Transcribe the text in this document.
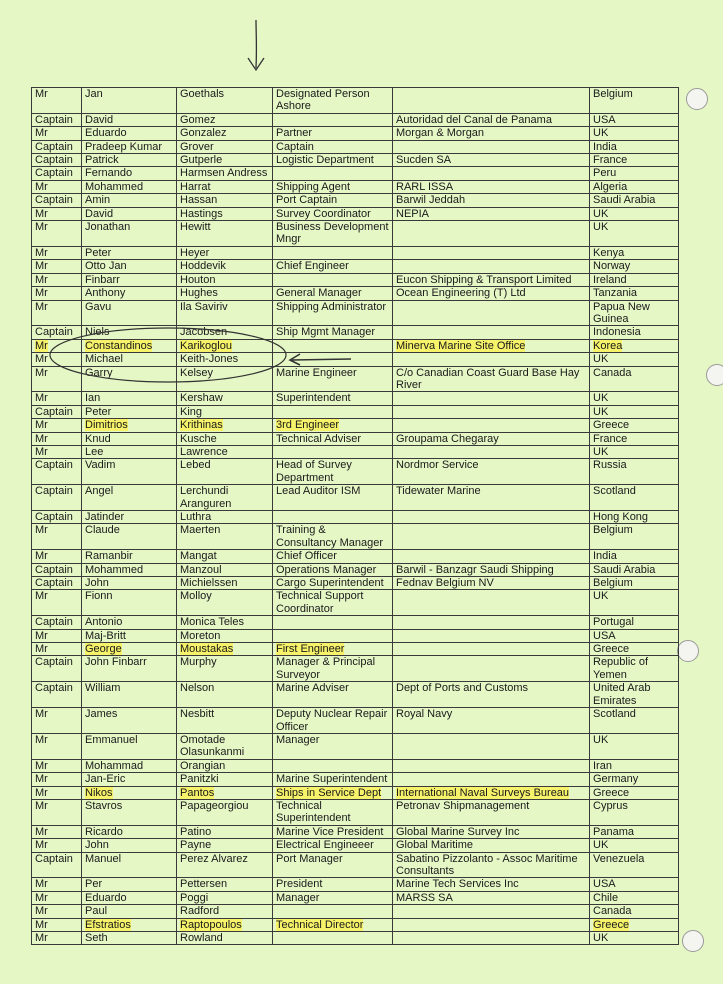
Mr	Jan	Goethals	Designated Person Ashore		Belgium
Captain	David	Gomez		Autoridad del Canal de Panama	USA
Mr	Eduardo	Gonzalez	Partner	Morgan & Morgan	UK
Captain	Pradeep Kumar	Grover	Captain		India
Captain	Patrick	Gutperle	Logistic Department	Sucden SA	France
Captain	Fernando	Harmsen Andress			Peru
Mr	Mohammed	Harrat	Shipping Agent	RARL ISSA	Algeria
Captain	Amin	Hassan	Port Captain	Barwil Jeddah	Saudi Arabia
Mr	David	Hastings	Survey Coordinator	NEPIA	UK
Mr	Jonathan	Hewitt	Business Development Mngr		UK
Mr	Peter	Heyer			Kenya
Mr	Otto Jan	Hoddevik	Chief Engineer		Norway
Mr	Finbarr	Houton		Eucon Shipping & Transport Limited	Ireland
Mr	Anthony	Hughes	General Manager	Ocean Engineering (T) Ltd	Tanzania
Mr	Gavu	Ila Saviriv	Shipping Administrator		Papua New Guinea
Captain	Niels	Jacobsen	Ship Mgmt Manager		Indonesia
Mr	Constandinos	Karikoglou		Minerva Marine Site Office	Korea
Mr	Michael	Keith-Jones			UK
Mr	Garry	Kelsey	Marine Engineer	C/o Canadian Coast Guard Base Hay River	Canada
Mr	Ian	Kershaw	Superintendent		UK
Captain	Peter	King			UK
Mr	Dimitrios	Krithinas	3rd Engineer		Greece
Mr	Knud	Kusche	Technical Adviser	Groupama Chegaray	France
Mr	Lee	Lawrence			UK
Captain	Vadim	Lebed	Head of Survey Department	Nordmor Service	Russia
Captain	Angel	Lerchundi Aranguren	Lead Auditor ISM	Tidewater Marine	Scotland
Captain	Jatinder	Luthra			Hong Kong
Mr	Claude	Maerten	Training & Consultancy Manager		Belgium
Mr	Ramanbir	Mangat	Chief Officer		India
Captain	Mohammed	Manzoul	Operations Manager	Barwil - Banzagr Saudi Shipping	Saudi Arabia
Captain	John	Michielssen	Cargo Superintendent	Fednav Belgium NV	Belgium
Mr	Fionn	Molloy	Technical Support Coordinator		UK
Captain	Antonio	Monica Teles			Portugal
Mr	Maj-Britt	Moreton			USA
Mr	George	Moustakas	First Engineer		Greece
Captain	John Finbarr	Murphy	Manager & Principal Surveyor		Republic of Yemen
Captain	William	Nelson	Marine Adviser	Dept of Ports and Customs	United Arab Emirates
Mr	James	Nesbitt	Deputy Nuclear Repair Officer	Royal Navy	Scotland
Mr	Emmanuel	Omotade Olasunkanmi	Manager		UK
Mr	Mohammad	Orangian			Iran
Mr	Jan-Eric	Panitzki	Marine Superintendent		Germany
Mr	Nikos	Pantos	Ships in Service Dept	International Naval Surveys Bureau	Greece
Mr	Stavros	Papageorgiou	Technical Superintendent	Petronav Shipmanagement	Cyprus
Mr	Ricardo	Patino	Marine Vice President	Global Marine Survey Inc	Panama
Mr	John	Payne	Electrical Engineeer	Global Maritime	UK
Captain	Manuel	Perez Alvarez	Port Manager	Sabatino Pizzolanto - Assoc Maritime Consultants	Venezuela
Mr	Per	Pettersen	President	Marine Tech Services Inc	USA
Mr	Eduardo	Poggi	Manager	MARSS SA	Chile
Mr	Paul	Radford			Canada
Mr	Efstratios	Raptopoulos	Technical Director		Greece
Mr	Seth	Rowland			UK
